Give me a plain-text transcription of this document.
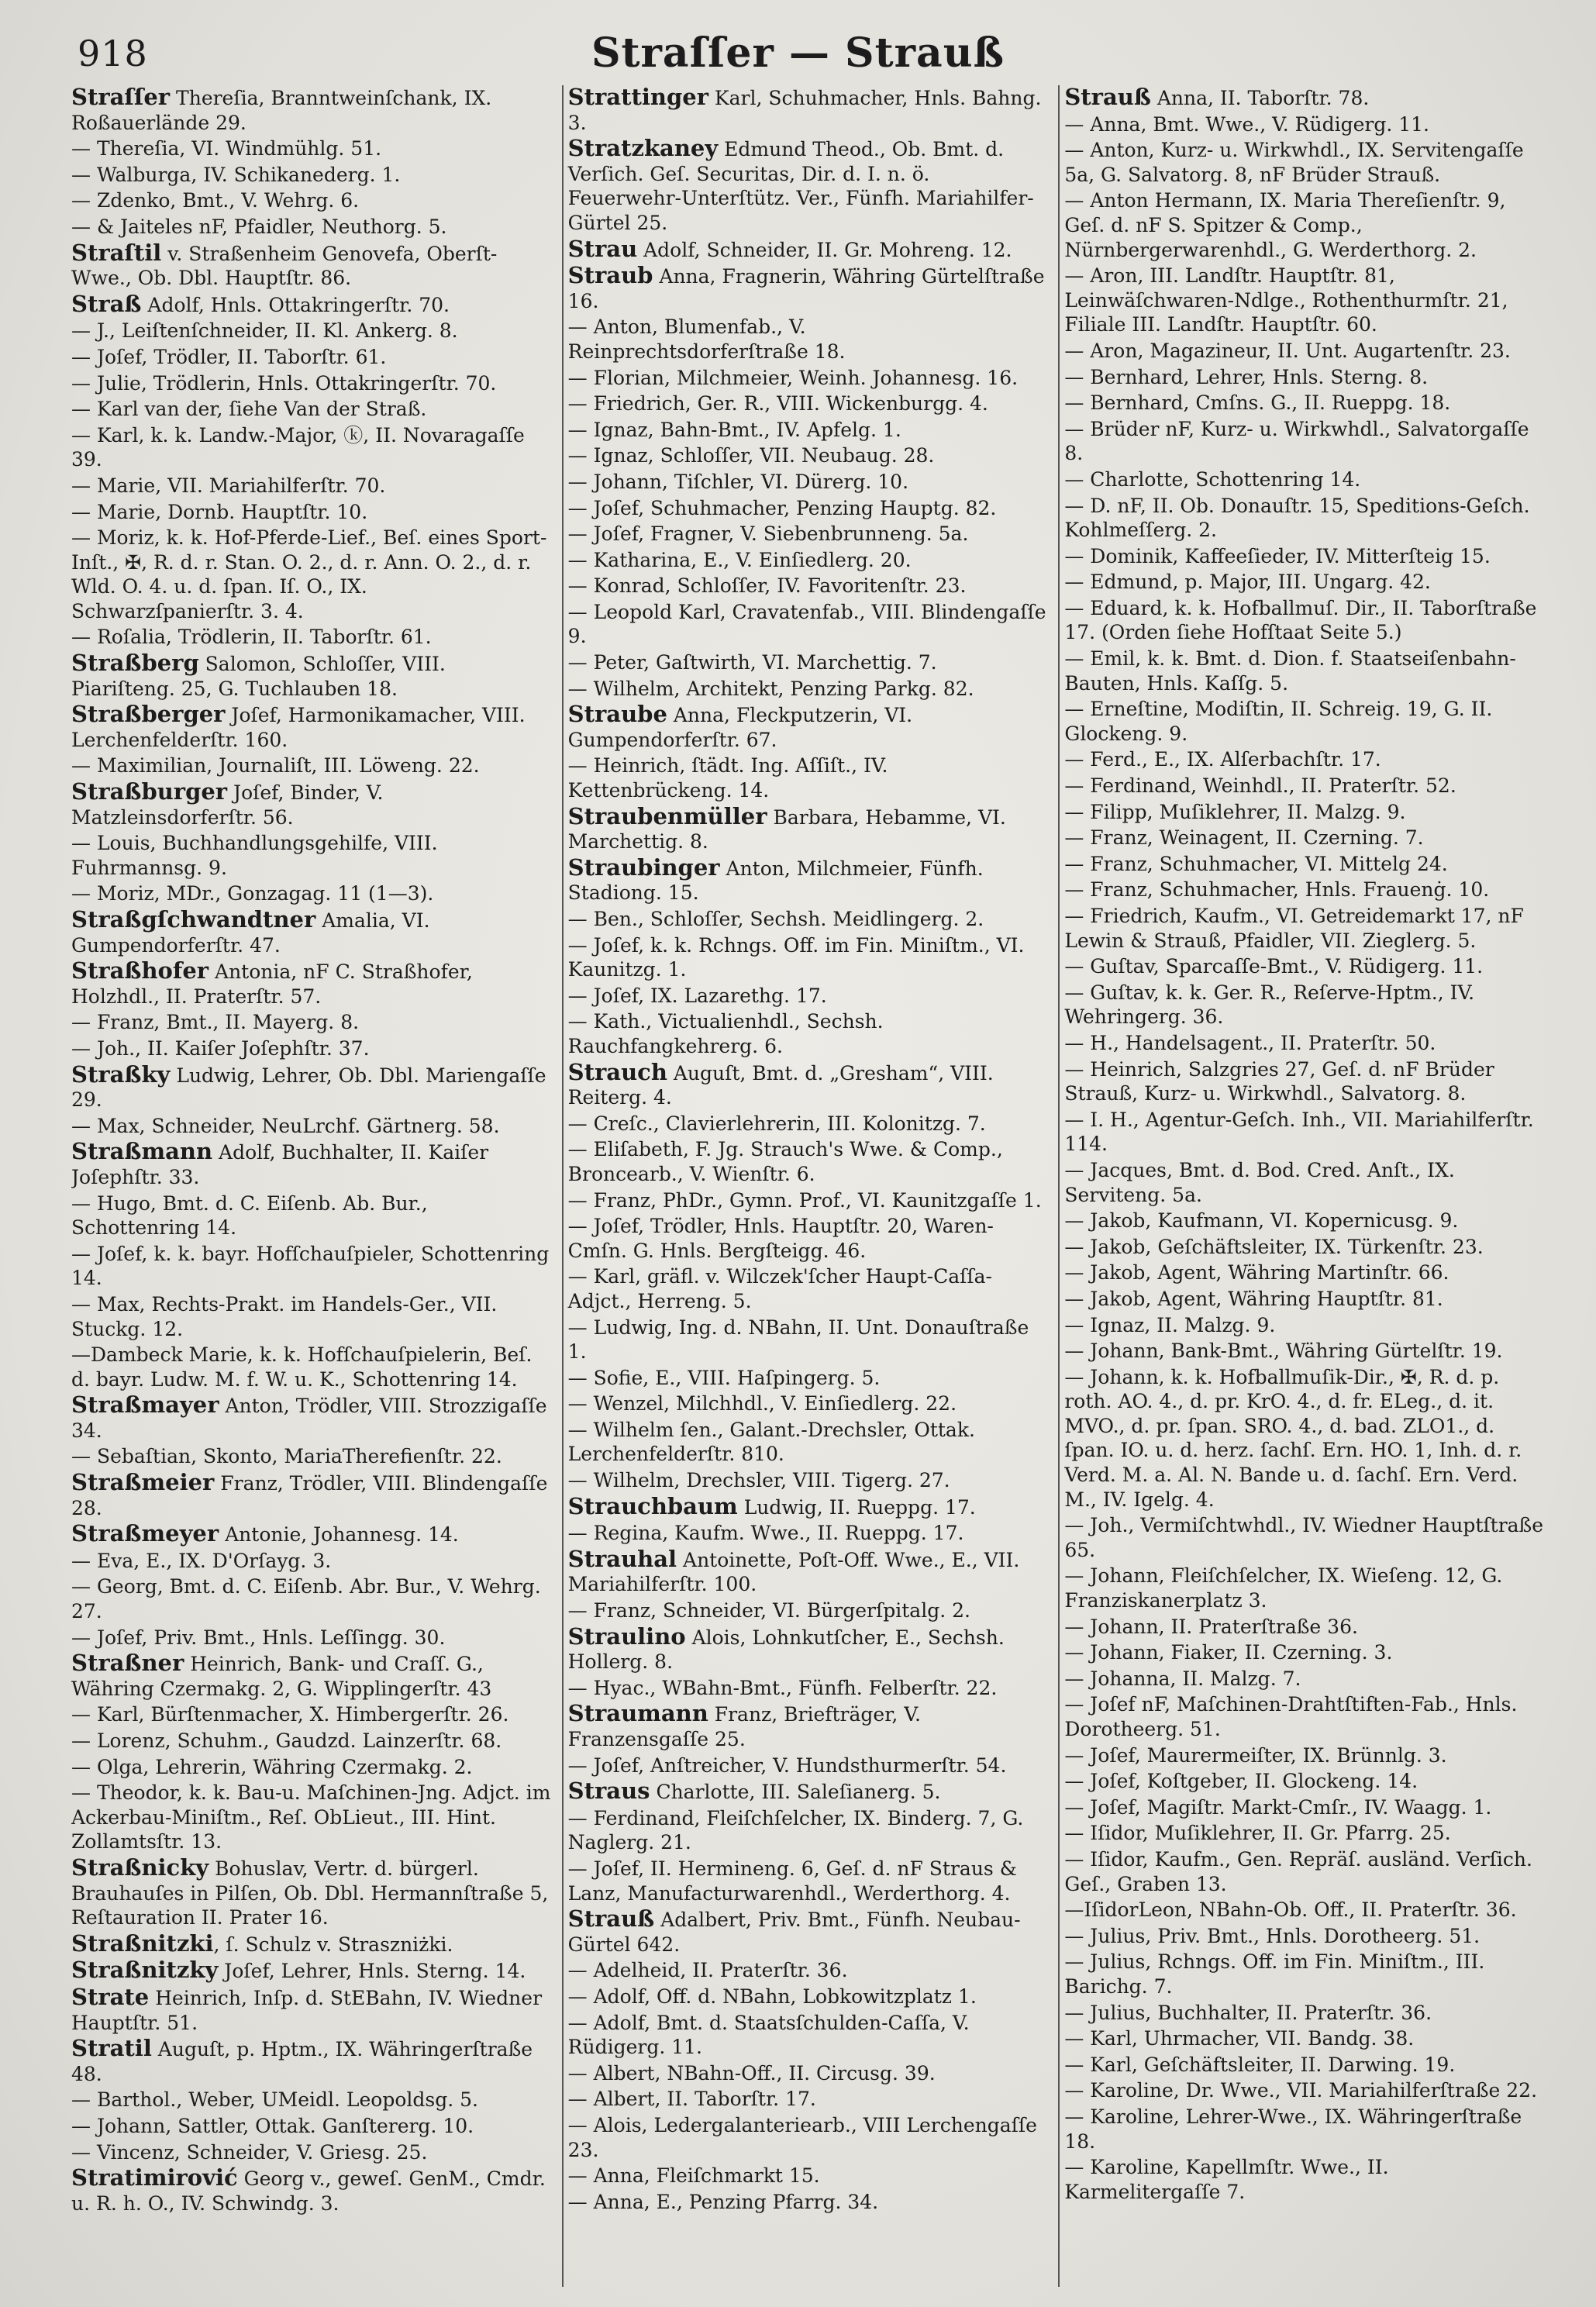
918	Straſſer — Strauß
Straſſer Thereſia, Branntweinſchank, IX. Roßauerlände 29.
— Thereſia, VI. Windmühlg. 51.
— Walburga, IV. Schikanederg. 1.
— Zdenko, Bmt., V. Wehrg. 6.
— & Jaiteles nF, Pfaidler, Neuthorg. 5.
Straſtil v. Straßenheim Genovefa, Oberſt-Wwe., Ob. Dbl. Hauptſtr. 86.
Straß Adolf, Hnls. Ottakringerſtr. 70.
— J., Leiſtenſchneider, II. Kl. Ankerg. 8.
— Joſef, Trödler, II. Taborſtr. 61.
— Julie, Trödlerin, Hnls. Ottakringerſtr. 70.
— Karl van der, ſiehe Van der Straß.
— Karl, k. k. Landw.-Major, ⓚ, II. Novaragaſſe 39.
— Marie, VII. Mariahilferſtr. 70.
— Marie, Dornb. Hauptſtr. 10.
— Moriz, k. k. Hof-Pferde-Lief., Beſ. eines Sport-Inſt., ✠, R. d. r. Stan. O. 2., d. r. Ann. O. 2., d. r. Wld. O. 4. u. d. ſpan. Iſ. O., IX. Schwarzſpanierſtr. 3. 4.
— Roſalia, Trödlerin, II. Taborſtr. 61.
Straßberg Salomon, Schloſſer, VIII. Piariſteng. 25, G. Tuchlauben 18.
Straßberger Joſef, Harmonikamacher, VIII. Lerchenfelderſtr. 160.
— Maximilian, Journaliſt, III. Löweng. 22.
Straßburger Joſef, Binder, V. Matzleinsdorferſtr. 56.
— Louis, Buchhandlungsgehilfe, VIII. Fuhrmannsg. 9.
— Moriz, MDr., Gonzagag. 11 (1—3).
Straßgſchwandtner Amalia, VI. Gumpendorferſtr. 47.
Straßhofer Antonia, nF C. Straßhofer, Holzhdl., II. Praterſtr. 57.
— Franz, Bmt., II. Mayerg. 8.
— Joh., II. Kaiſer Joſephſtr. 37.
Straßky Ludwig, Lehrer, Ob. Dbl. Mariengaſſe 29.
— Max, Schneider, NeuLrchf. Gärtnerg. 58.
Straßmann Adolf, Buchhalter, II. Kaiſer Joſephſtr. 33.
— Hugo, Bmt. d. C. Eiſenb. Ab. Bur., Schottenring 14.
— Joſef, k. k. bayr. Hofſchauſpieler, Schottenring 14.
— Max, Rechts-Prakt. im Handels-Ger., VII. Stuckg. 12.
—Dambeck Marie, k. k. Hofſchauſpielerin, Beſ. d. bayr. Ludw. M. f. W. u. K., Schottenring 14.
Straßmayer Anton, Trödler, VIII. Strozzigaſſe 34.
— Sebaſtian, Skonto, MariaTherefienſtr. 22.
Straßmeier Franz, Trödler, VIII. Blindengaſſe 28.
Straßmeyer Antonie, Johannesg. 14.
— Eva, E., IX. D'Orſayg. 3.
— Georg, Bmt. d. C. Eiſenb. Abr. Bur., V. Wehrg. 27.
— Joſef, Priv. Bmt., Hnls. Leſſingg. 30.
Straßner Heinrich, Bank- und Craſſ. G., Währing Czermakg. 2, G. Wipplingerſtr. 43
— Karl, Bürſtenmacher, X. Himbergerſtr. 26.
— Lorenz, Schuhm., Gaudzd. Lainzerſtr. 68.
— Olga, Lehrerin, Währing Czermakg. 2.
— Theodor, k. k. Bau-u. Maſchinen-Jng. Adjct. im Ackerbau-Miniſtm., Reſ. ObLieut., III. Hint. Zollamtsſtr. 13.
Straßnicky Bohuslav, Vertr. d. bürgerl. Brauhauſes in Pilſen, Ob. Dbl. Hermannſtraße 5, Reſtauration II. Prater 16.
Straßnitzki, ſ. Schulz v. Straszniżki.
Straßnitzky Joſef, Lehrer, Hnls. Sterng. 14.
Strate Heinrich, Inſp. d. StEBahn, IV. Wiedner Hauptſtr. 51.
Stratil Auguſt, p. Hptm., IX. Währingerſtraße 48.
— Barthol., Weber, UMeidl. Leopoldsg. 5.
— Johann, Sattler, Ottak. Ganſtererg. 10.
— Vincenz, Schneider, V. Griesg. 25.
Stratimirović Georg v., geweſ. GenM., Cmdr. u. R. h. O., IV. Schwindg. 3.
Strattinger Karl, Schuhmacher, Hnls. Bahng. 3.
Stratzkaney Edmund Theod., Ob. Bmt. d. Verſich. Geſ. Securitas, Dir. d. I. n. ö. Feuerwehr-Unterſtütz. Ver., Fünfh. Mariahilfer-Gürtel 25.
Strau Adolf, Schneider, II. Gr. Mohreng. 12.
Straub Anna, Fragnerin, Währing Gürtelſtraße 16.
— Anton, Blumenfab., V. Reinprechtsdorferſtraße 18.
— Florian, Milchmeier, Weinh. Johannesg. 16.
— Friedrich, Ger. R., VIII. Wickenburgg. 4.
— Ignaz, Bahn-Bmt., IV. Apfelg. 1.
— Ignaz, Schloſſer, VII. Neubaug. 28.
— Johann, Tiſchler, VI. Dürerg. 10.
— Joſef, Schuhmacher, Penzing Hauptg. 82.
— Joſef, Fragner, V. Siebenbrunneng. 5a.
— Katharina, E., V. Einſiedlerg. 20.
— Konrad, Schloſſer, IV. Favoritenſtr. 23.
— Leopold Karl, Cravatenfab., VIII. Blindengaſſe 9.
— Peter, Gaſtwirth, VI. Marchettig. 7.
— Wilhelm, Architekt, Penzing Parkg. 82.
Straube Anna, Fleckputzerin, VI. Gumpendorferſtr. 67.
— Heinrich, ſtädt. Ing. Aſſiſt., IV. Kettenbrückeng. 14.
Straubenmüller Barbara, Hebamme, VI. Marchettig. 8.
Straubinger Anton, Milchmeier, Fünfh. Stadiong. 15.
— Ben., Schloſſer, Sechsh. Meidlingerg. 2.
— Joſef, k. k. Rchngs. Off. im Fin. Miniſtm., VI. Kaunitzg. 1.
— Joſef, IX. Lazarethg. 17.
— Kath., Victualienhdl., Sechsh. Rauchfangkehrerg. 6.
Strauch Auguſt, Bmt. d. „Gresham“, VIII. Reiterg. 4.
— Creſc., Clavierlehrerin, III. Kolonitzg. 7.
— Eliſabeth, F. Jg. Strauch's Wwe. & Comp., Broncearb., V. Wienſtr. 6.
— Franz, PhDr., Gymn. Prof., VI. Kaunitzgaſſe 1.
— Joſef, Trödler, Hnls. Hauptſtr. 20, Waren-Cmſn. G. Hnls. Bergſteigg. 46.
— Karl, gräfl. v. Wilczek'ſcher Haupt-Caſſa-Adjct., Herreng. 5.
— Ludwig, Ing. d. NBahn, II. Unt. Donauſtraße 1.
— Sofie, E., VIII. Haſpingerg. 5.
— Wenzel, Milchhdl., V. Einſiedlerg. 22.
— Wilhelm ſen., Galant.-Drechsler, Ottak. Lerchenfelderſtr. 810.
— Wilhelm, Drechsler, VIII. Tigerg. 27.
Strauchbaum Ludwig, II. Rueppg. 17.
— Regina, Kaufm. Wwe., II. Rueppg. 17.
Strauhal Antoinette, Poſt-Off. Wwe., E., VII. Mariahilferſtr. 100.
— Franz, Schneider, VI. Bürgerſpitalg. 2.
Straulino Alois, Lohnkutſcher, E., Sechsh. Hollerg. 8.
— Hyac., WBahn-Bmt., Fünfh. Felberſtr. 22.
Straumann Franz, Briefträger, V. Franzensgaſſe 25.
— Joſef, Anſtreicher, V. Hundsthurmerſtr. 54.
Straus Charlotte, III. Saleſianerg. 5.
— Ferdinand, Fleiſchſelcher, IX. Binderg. 7, G. Naglerg. 21.
— Joſef, II. Hermineng. 6, Geſ. d. nF Straus & Lanz, Manufacturwarenhdl., Werderthorg. 4.
Strauß Adalbert, Priv. Bmt., Fünfh. Neubau-Gürtel 642.
— Adelheid, II. Praterſtr. 36.
— Adolf, Off. d. NBahn, Lobkowitzplatz 1.
— Adolf, Bmt. d. Staatsſchulden-Caſſa, V. Rüdigerg. 11.
— Albert, NBahn-Off., II. Circusg. 39.
— Albert, II. Taborſtr. 17.
— Alois, Ledergalanteriearb., VIII Lerchengaſſe 23.
— Anna, Fleiſchmarkt 15.
— Anna, E., Penzing Pfarrg. 34.
Strauß Anna, II. Taborſtr. 78.
— Anna, Bmt. Wwe., V. Rüdigerg. 11.
— Anton, Kurz- u. Wirkwhdl., IX. Servitengaſſe 5a, G. Salvatorg. 8, nF Brüder Strauß.
— Anton Hermann, IX. Maria Thereſienſtr. 9, Geſ. d. nF S. Spitzer & Comp., Nürnbergerwarenhdl., G. Werderthorg. 2.
— Aron, III. Landſtr. Hauptſtr. 81, Leinwäſchwaren-Ndlge., Rothenthurmſtr. 21, Filiale III. Landſtr. Hauptſtr. 60.
— Aron, Magazineur, II. Unt. Augartenſtr. 23.
— Bernhard, Lehrer, Hnls. Sterng. 8.
— Bernhard, Cmſns. G., II. Rueppg. 18.
— Brüder nF, Kurz- u. Wirkwhdl., Salvatorgaſſe 8.
— Charlotte, Schottenring 14.
— D. nF, II. Ob. Donauſtr. 15, Speditions-Geſch. Kohlmeſſerg. 2.
— Dominik, Kaffeeſieder, IV. Mitterſteig 15.
— Edmund, p. Major, III. Ungarg. 42.
— Eduard, k. k. Hofballmuſ. Dir., II. Taborſtraße 17. (Orden ſiehe Hofſtaat Seite 5.)
— Emil, k. k. Bmt. d. Dion. f. Staatseiſenbahn-Bauten, Hnls. Kaſſg. 5.
— Erneſtine, Modiſtin, II. Schreig. 19, G. II. Glockeng. 9.
— Ferd., E., IX. Alſerbachſtr. 17.
— Ferdinand, Weinhdl., II. Praterſtr. 52.
— Filipp, Muſiklehrer, II. Malzg. 9.
— Franz, Weinagent, II. Czerning. 7.
— Franz, Schuhmacher, VI. Mittelg 24.
— Franz, Schuhmacher, Hnls. Frauenġ. 10.
— Friedrich, Kaufm., VI. Getreidemarkt 17, nF Lewin & Strauß, Pfaidler, VII. Zieglerg. 5.
— Guſtav, Sparcaſſe-Bmt., V. Rüdigerg. 11.
— Guſtav, k. k. Ger. R., Reſerve-Hptm., IV. Wehringerg. 36.
— H., Handelsagent., II. Praterſtr. 50.
— Heinrich, Salzgries 27, Geſ. d. nF Brüder Strauß, Kurz- u. Wirkwhdl., Salvatorg. 8.
— I. H., Agentur-Geſch. Inh., VII. Mariahilferſtr. 114.
— Jacques, Bmt. d. Bod. Cred. Anſt., IX. Serviteng. 5a.
— Jakob, Kaufmann, VI. Kopernicusg. 9.
— Jakob, Geſchäftsleiter, IX. Türkenſtr. 23.
— Jakob, Agent, Währing Martinſtr. 66.
— Jakob, Agent, Währing Hauptſtr. 81.
— Ignaz, II. Malzg. 9.
— Johann, Bank-Bmt., Währing Gürtelſtr. 19.
— Johann, k. k. Hofballmuſik-Dir., ✠, R. d. p. roth. AO. 4., d. pr. KrO. 4., d. fr. ELeg., d. it. MVO., d. pr. ſpan. SRO. 4., d. bad. ZLO1., d. ſpan. IO. u. d. herz. ſachſ. Ern. HO. 1, Inh. d. r. Verd. M. a. Al. N. Bande u. d. ſachſ. Ern. Verd. M., IV. Igelg. 4.
— Joh., Vermiſchtwhdl., IV. Wiedner Hauptſtraße 65.
— Johann, Fleiſchſelcher, IX. Wieſeng. 12, G. Franziskanerplatz 3.
— Johann, II. Praterſtraße 36.
— Johann, Fiaker, II. Czerning. 3.
— Johanna, II. Malzg. 7.
— Joſef nF, Maſchinen-Drahtſtiften-Fab., Hnls. Dorotheerg. 51.
— Joſef, Maurermeiſter, IX. Brünnlg. 3.
— Joſef, Koſtgeber, II. Glockeng. 14.
— Joſef, Magiſtr. Markt-Cmſr., IV. Waagg. 1.
— Iſidor, Muſiklehrer, II. Gr. Pfarrg. 25.
— Iſidor, Kaufm., Gen. Repräſ. ausländ. Verſich. Geſ., Graben 13.
—IſidorLeon, NBahn-Ob. Off., II. Praterſtr. 36.
— Julius, Priv. Bmt., Hnls. Dorotheerg. 51.
— Julius, Rchngs. Off. im Fin. Miniſtm., III. Barichg. 7.
— Julius, Buchhalter, II. Praterſtr. 36.
— Karl, Uhrmacher, VII. Bandg. 38.
— Karl, Geſchäftsleiter, II. Darwing. 19.
— Karoline, Dr. Wwe., VII. Mariahilferſtraße 22.
— Karoline, Lehrer-Wwe., IX. Währingerſtraße 18.
— Karoline, Kapellmſtr. Wwe., II. Karmelitergaſſe 7.
